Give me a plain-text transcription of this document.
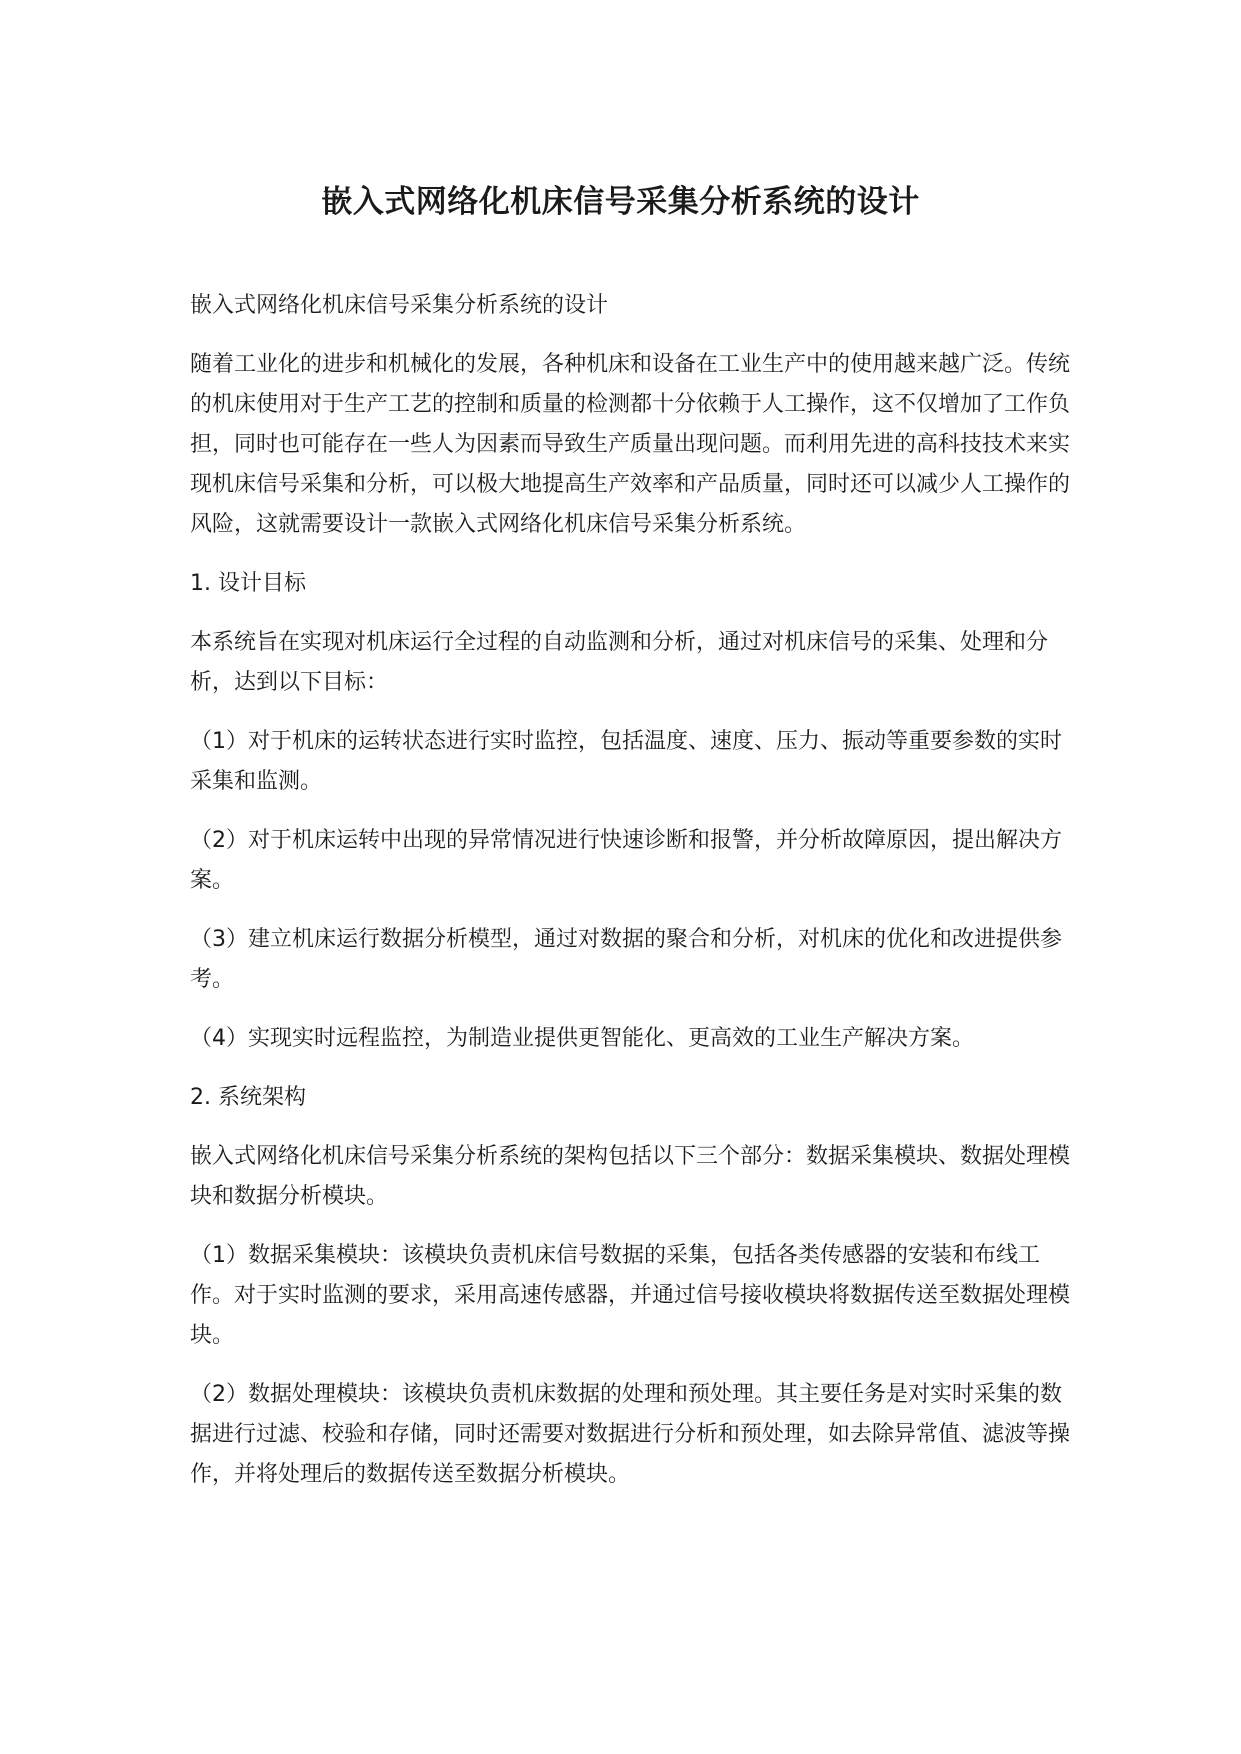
嵌入式网络化机床信号采集分析系统的设计

嵌入式网络化机床信号采集分析系统的设计

随着工业化的进步和机械化的发展，各种机床和设备在工业生产中的使用越来越广泛。传统的机床使用对于生产工艺的控制和质量的检测都十分依赖于人工操作，这不仅增加了工作负担，同时也可能存在一些人为因素而导致生产质量出现问题。而利用先进的高科技技术来实现机床信号采集和分析，可以极大地提高生产效率和产品质量，同时还可以减少人工操作的风险，这就需要设计一款嵌入式网络化机床信号采集分析系统。

1. 设计目标

本系统旨在实现对机床运行全过程的自动监测和分析，通过对机床信号的采集、处理和分析，达到以下目标：

（1）对于机床的运转状态进行实时监控，包括温度、速度、压力、振动等重要参数的实时采集和监测。

（2）对于机床运转中出现的异常情况进行快速诊断和报警，并分析故障原因，提出解决方案。

（3）建立机床运行数据分析模型，通过对数据的聚合和分析，对机床的优化和改进提供参考。

（4）实现实时远程监控，为制造业提供更智能化、更高效的工业生产解决方案。

2. 系统架构

嵌入式网络化机床信号采集分析系统的架构包括以下三个部分：数据采集模块、数据处理模块和数据分析模块。

（1）数据采集模块：该模块负责机床信号数据的采集，包括各类传感器的安装和布线工作。对于实时监测的要求，采用高速传感器，并通过信号接收模块将数据传送至数据处理模块。

（2）数据处理模块：该模块负责机床数据的处理和预处理。其主要任务是对实时采集的数据进行过滤、校验和存储，同时还需要对数据进行分析和预处理，如去除异常值、滤波等操作，并将处理后的数据传送至数据分析模块。
